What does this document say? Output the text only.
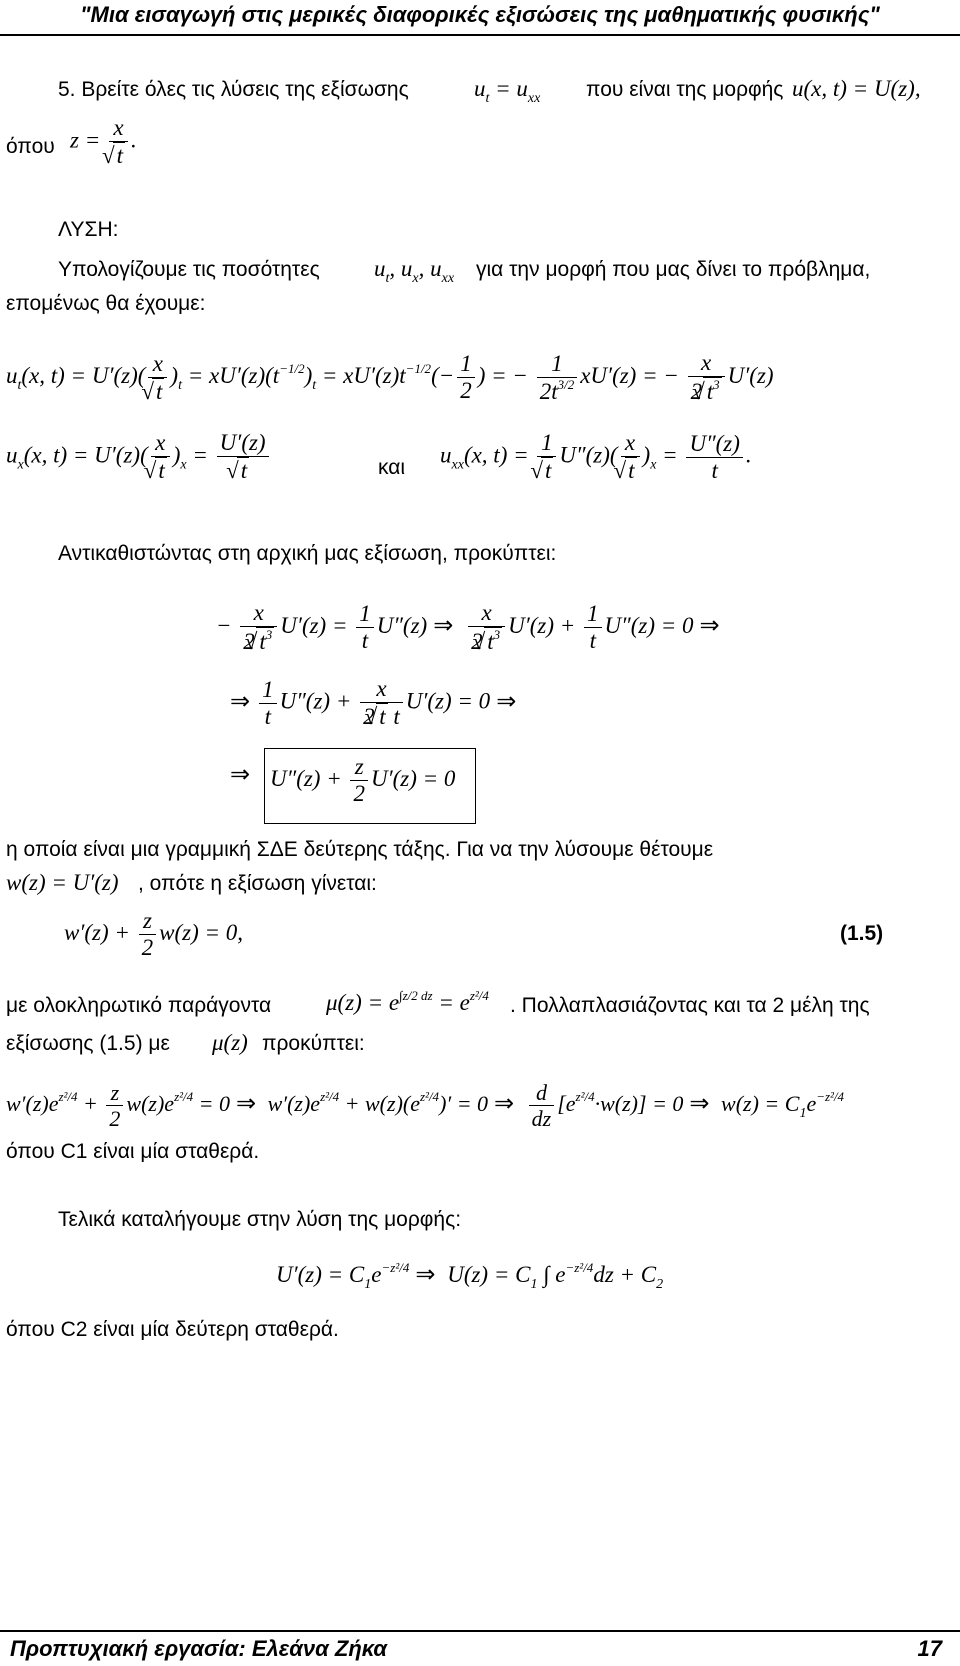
"Μια εισαγωγή στις μερικές διαφορικές εξισώσεις της μαθηματικής φυσικής"
5. Βρείτε όλες τις λύσεις της εξίσωσης	$u_t = u_{xx}$ που είναι της μορφής u(x, t) = U(z),
όπου z = x
√ t .
ΛΥΣΗ:
Υπολογίζουμε τις ποσότητες $u_t$, $u_x$, $u_{xx}$ για την μορφή που μας δίνει το πρόβλημα,
επομένως θα έχουμε:
$u_t(x$, t) = U′(z)( x
√ t )$_t = xU'(z)(t^{-1/2})_t = xU'(z)t^{-1/2}(- \frac{1}{2}$ ) = − $\frac{1}{2t^{3/2}} xU'(z)$ = − $\frac{x}{2 √ t^3} U'(z)$
$u_x(x$, t) = U′(z)( x
√ t )$_x = U'(z)$
√ t	και $u_{xx}(x$, t) = 1
√ t U″(z)( x
√ t )$_x = \frac{U''(z)}{t}$ .
Αντικαθιστώντας στη αρχική μας εξίσωση, προκύπτει:
− $\frac{x}{2 √ t^3} U'(z) = \frac{1}{t} U''(z)$ ⇒ $\frac{x}{2 √ t^3} U'(z) + \frac{1}{t} U''(z) = 0$ ⇒
⇒ $\frac{1}{t} U''(z) + \frac{x}{\text{2 √ t t}} U'(z) = 0$ ⇒
⇒ $U''(z) + \frac{z}{2} U'(z) = 0$
η οποία είναι μια γραμμική ΣΔΕ δεύτερης τάξης. Για να την λύσουμε θέτουμε
w(z) = U′(z) , οπότε η εξίσωση γίνεται:
$w'(z) + \frac{z}{2} w(z) = 0$,	(1.5)
με ολοκληρωτικό παράγοντα $\mu(z) = e^{\int z/2 dz} = e^{z^2/4}$ . Πολλαπλασιάζοντας και τα 2 μέλη της
εξίσωσης (1.5) με μ(z) προκύπτει:
$w'(z)e^{z^2/4} + \frac{z}{2} w(z)e^{z^2/4} = 0$ ⇒ $w'(z)e^{z^2/4} + w(z)(e^{z^2/4})' = 0$ ⇒ $\frac{d}{dz} [e^{z^2/4}\cdot w(z)] = 0$ ⇒ $w(z) = C_1e^{-z^2/4}$
όπου C1 είναι μία σταθερά.
Τελικά καταλήγουμε στην λύση της μορφής:
$U'(z) = C_1e^{-z^2/4}$ ⇒ $U(z) = C_1$ ∫ $e^{-z^2/4}dz + C_2$
όπου C2 είναι μία δεύτερη σταθερά.
Προπτυχιακή εργασία: Ελεάνα Ζήκα	17
